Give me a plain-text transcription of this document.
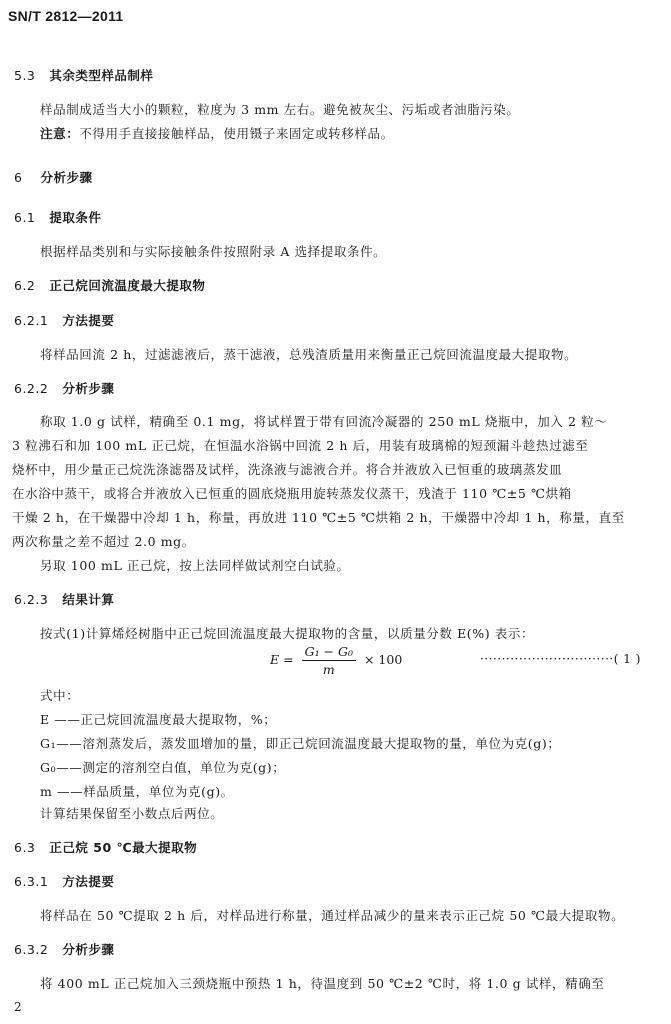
SN/T 2812—2011
5.3 其余类型样品制样
样品制成适当大小的颗粒，粒度为 3 mm 左右。避免被灰尘、污垢或者油脂污染。
注意：不得用手直接接触样品，使用镊子来固定或转移样品。
6 分析步骤
6.1 提取条件
根据样品类别和与实际接触条件按照附录 A 选择提取条件。
6.2 正己烷回流温度最大提取物
6.2.1 方法提要
将样品回流 2 h，过滤滤液后，蒸干滤液，总残渣质量用来衡量正己烷回流温度最大提取物。
6.2.2 分析步骤
称取 1.0 g 试样，精确至 0.1 mg，将试样置于带有回流冷凝器的 250 mL 烧瓶中，加入 2 粒～
3 粒沸石和加 100 mL 正己烷，在恒温水浴锅中回流 2 h 后，用装有玻璃棉的短颈漏斗趁热过滤至
烧杯中，用少量正己烷洗涤滤器及试样，洗涤液与滤液合并。将合并液放入已恒重的玻璃蒸发皿
在水浴中蒸干，或将合并液放入已恒重的圆底烧瓶用旋转蒸发仪蒸干，残渣于 110 ℃±5 ℃烘箱
干燥 2 h，在干燥器中冷却 1 h，称量，再放进 110 ℃±5 ℃烘箱 2 h，干燥器中冷却 1 h，称量，直至
两次称量之差不超过 2.0 mg。
另取 100 mL 正己烷，按上法同样做试剂空白试验。
6.2.3 结果计算
按式(1)计算烯烃树脂中正己烷回流温度最大提取物的含量，以质量分数 E(%) 表示：
$E = \frac{\text{G₁ − G₀}}{m} \times 100$	·······························( 1 )
式中：
E ——正己烷回流温度最大提取物，%；
G₁——溶剂蒸发后，蒸发皿增加的量，即正己烷回流温度最大提取物的量，单位为克(g)；
G₀——测定的溶剂空白值，单位为克(g)；
m ——样品质量，单位为克(g)。
计算结果保留至小数点后两位。
6.3 正己烷 50 ℃最大提取物
6.3.1 方法提要
将样品在 50 ℃提取 2 h 后，对样品进行称量，通过样品减少的量来表示正己烷 50 ℃最大提取物。
6.3.2 分析步骤
将 400 mL 正己烷加入三颈烧瓶中预热 1 h，待温度到 50 ℃±2 ℃时，将 1.0 g 试样，精确至
2
